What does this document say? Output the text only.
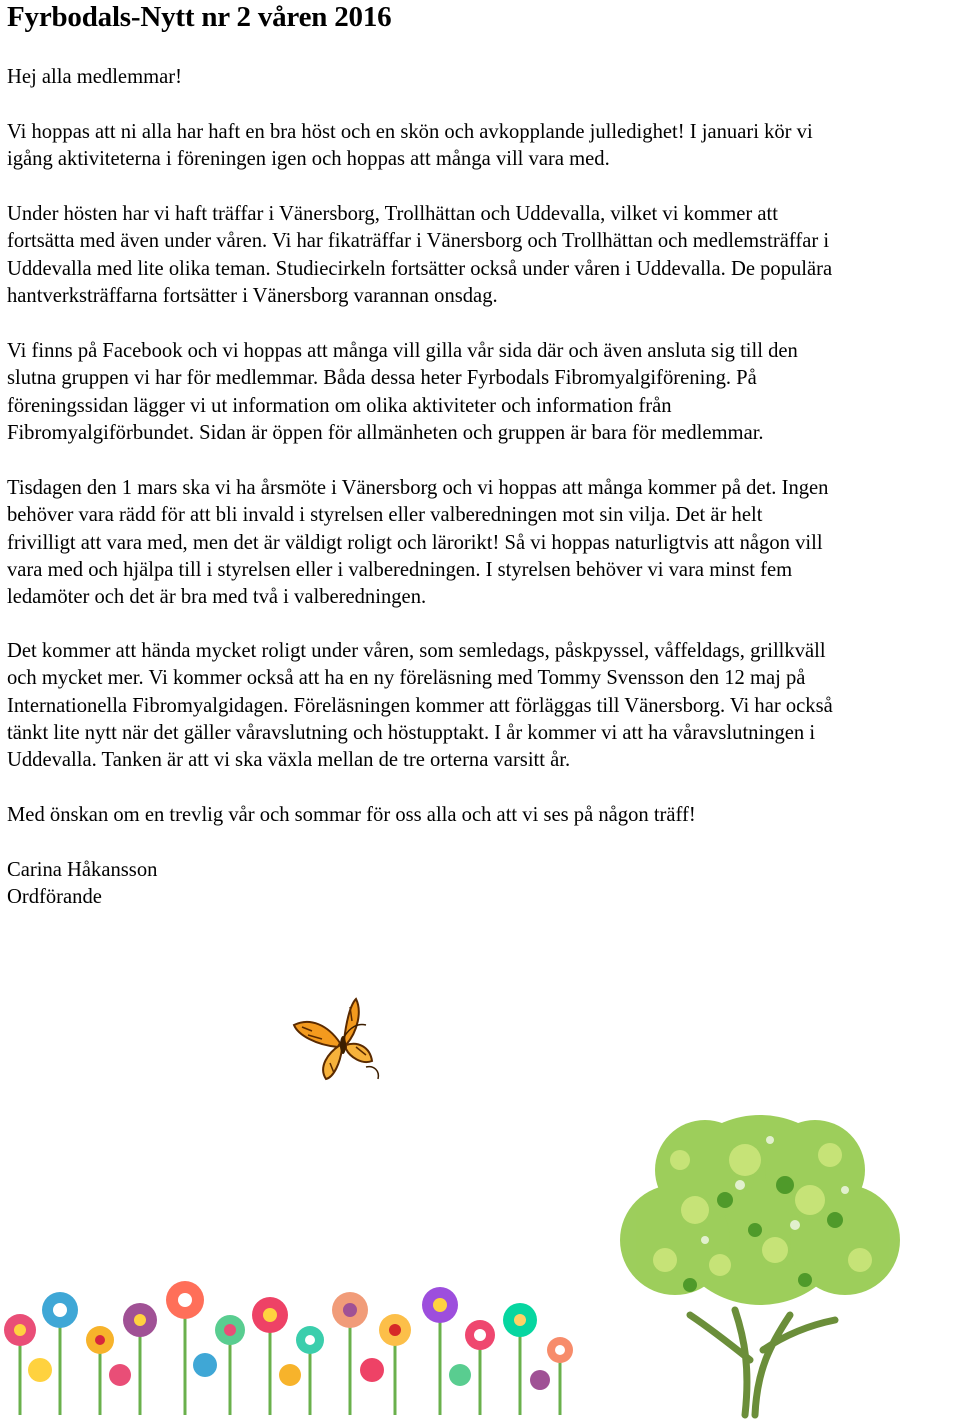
Fyrbodals-Nytt nr 2 våren 2016

Hej alla medlemmar!

Vi hoppas att ni alla har haft en bra höst och en skön och avkopplande julledighet! I januari kör vi
igång aktiviteterna i föreningen igen och hoppas att många vill vara med.

Under hösten har vi haft träffar i Vänersborg, Trollhättan och Uddevalla, vilket vi kommer att
fortsätta med även under våren. Vi har fikaträffar i Vänersborg och Trollhättan och medlemsträffar i
Uddevalla med lite olika teman. Studiecirkeln fortsätter också under våren i Uddevalla. De populära
hantverksträffarna fortsätter i Vänersborg varannan onsdag.

Vi finns på Facebook och vi hoppas att många vill gilla vår sida där och även ansluta sig till den
slutna gruppen vi har för medlemmar. Båda dessa heter Fyrbodals Fibromyalgiförening. På
föreningssidan lägger vi ut information om olika aktiviteter och information från
Fibromyalgiförbundet. Sidan är öppen för allmänheten och gruppen är bara för medlemmar.

Tisdagen den 1 mars ska vi ha årsmöte i Vänersborg och vi hoppas att många kommer på det. Ingen
behöver vara rädd för att bli invald i styrelsen eller valberedningen mot sin vilja. Det är helt
frivilligt att vara med, men det är väldigt roligt och lärorikt! Så vi hoppas naturligtvis att någon vill
vara med och hjälpa till i styrelsen eller i valberedningen. I styrelsen behöver vi vara minst fem
ledamöter och det är bra med två i valberedningen.

Det kommer att hända mycket roligt under våren, som semledags, påskpyssel, våffeldags, grillkväll
och mycket mer. Vi kommer också att ha en ny föreläsning med Tommy Svensson den 12 maj på
Internationella Fibromyalgidagen. Föreläsningen kommer att förläggas till Vänersborg. Vi har också
tänkt lite nytt när det gäller våravslutning och höstupptakt. I år kommer vi att ha våravslutningen i
Uddevalla. Tanken är att vi ska växla mellan de tre orterna varsitt år.

Med önskan om en trevlig vår och sommar för oss alla och att vi ses på någon träff!

Carina Håkansson
Ordförande
